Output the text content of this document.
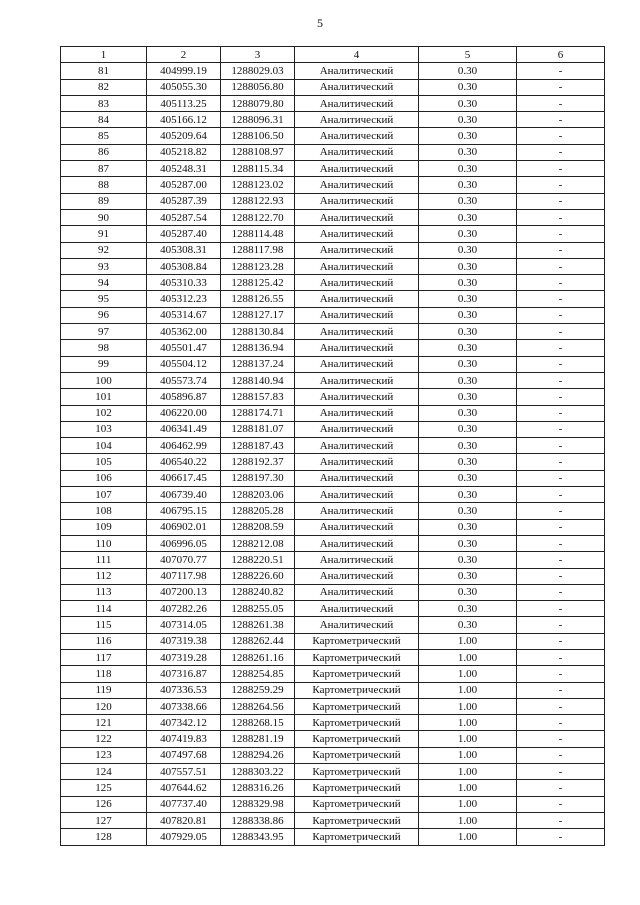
5
1	2	3	4	5	6
81	404999.19	1288029.03	Аналитический	0.30	-
82	405055.30	1288056.80	Аналитический	0.30	-
83	405113.25	1288079.80	Аналитический	0.30	-
84	405166.12	1288096.31	Аналитический	0.30	-
85	405209.64	1288106.50	Аналитический	0.30	-
86	405218.82	1288108.97	Аналитический	0.30	-
87	405248.31	1288115.34	Аналитический	0.30	-
88	405287.00	1288123.02	Аналитический	0.30	-
89	405287.39	1288122.93	Аналитический	0.30	-
90	405287.54	1288122.70	Аналитический	0.30	-
91	405287.40	1288114.48	Аналитический	0.30	-
92	405308.31	1288117.98	Аналитический	0.30	-
93	405308.84	1288123.28	Аналитический	0.30	-
94	405310.33	1288125.42	Аналитический	0.30	-
95	405312.23	1288126.55	Аналитический	0.30	-
96	405314.67	1288127.17	Аналитический	0.30	-
97	405362.00	1288130.84	Аналитический	0.30	-
98	405501.47	1288136.94	Аналитический	0.30	-
99	405504.12	1288137.24	Аналитический	0.30	-
100	405573.74	1288140.94	Аналитический	0.30	-
101	405896.87	1288157.83	Аналитический	0.30	-
102	406220.00	1288174.71	Аналитический	0.30	-
103	406341.49	1288181.07	Аналитический	0.30	-
104	406462.99	1288187.43	Аналитический	0.30	-
105	406540.22	1288192.37	Аналитический	0.30	-
106	406617.45	1288197.30	Аналитический	0.30	-
107	406739.40	1288203.06	Аналитический	0.30	-
108	406795.15	1288205.28	Аналитический	0.30	-
109	406902.01	1288208.59	Аналитический	0.30	-
110	406996.05	1288212.08	Аналитический	0.30	-
111	407070.77	1288220.51	Аналитический	0.30	-
112	407117.98	1288226.60	Аналитический	0.30	-
113	407200.13	1288240.82	Аналитический	0.30	-
114	407282.26	1288255.05	Аналитический	0.30	-
115	407314.05	1288261.38	Аналитический	0.30	-
116	407319.38	1288262.44	Картометрический	1.00	-
117	407319.28	1288261.16	Картометрический	1.00	-
118	407316.87	1288254.85	Картометрический	1.00	-
119	407336.53	1288259.29	Картометрический	1.00	-
120	407338.66	1288264.56	Картометрический	1.00	-
121	407342.12	1288268.15	Картометрический	1.00	-
122	407419.83	1288281.19	Картометрический	1.00	-
123	407497.68	1288294.26	Картометрический	1.00	-
124	407557.51	1288303.22	Картометрический	1.00	-
125	407644.62	1288316.26	Картометрический	1.00	-
126	407737.40	1288329.98	Картометрический	1.00	-
127	407820.81	1288338.86	Картометрический	1.00	-
128	407929.05	1288343.95	Картометрический	1.00	-
